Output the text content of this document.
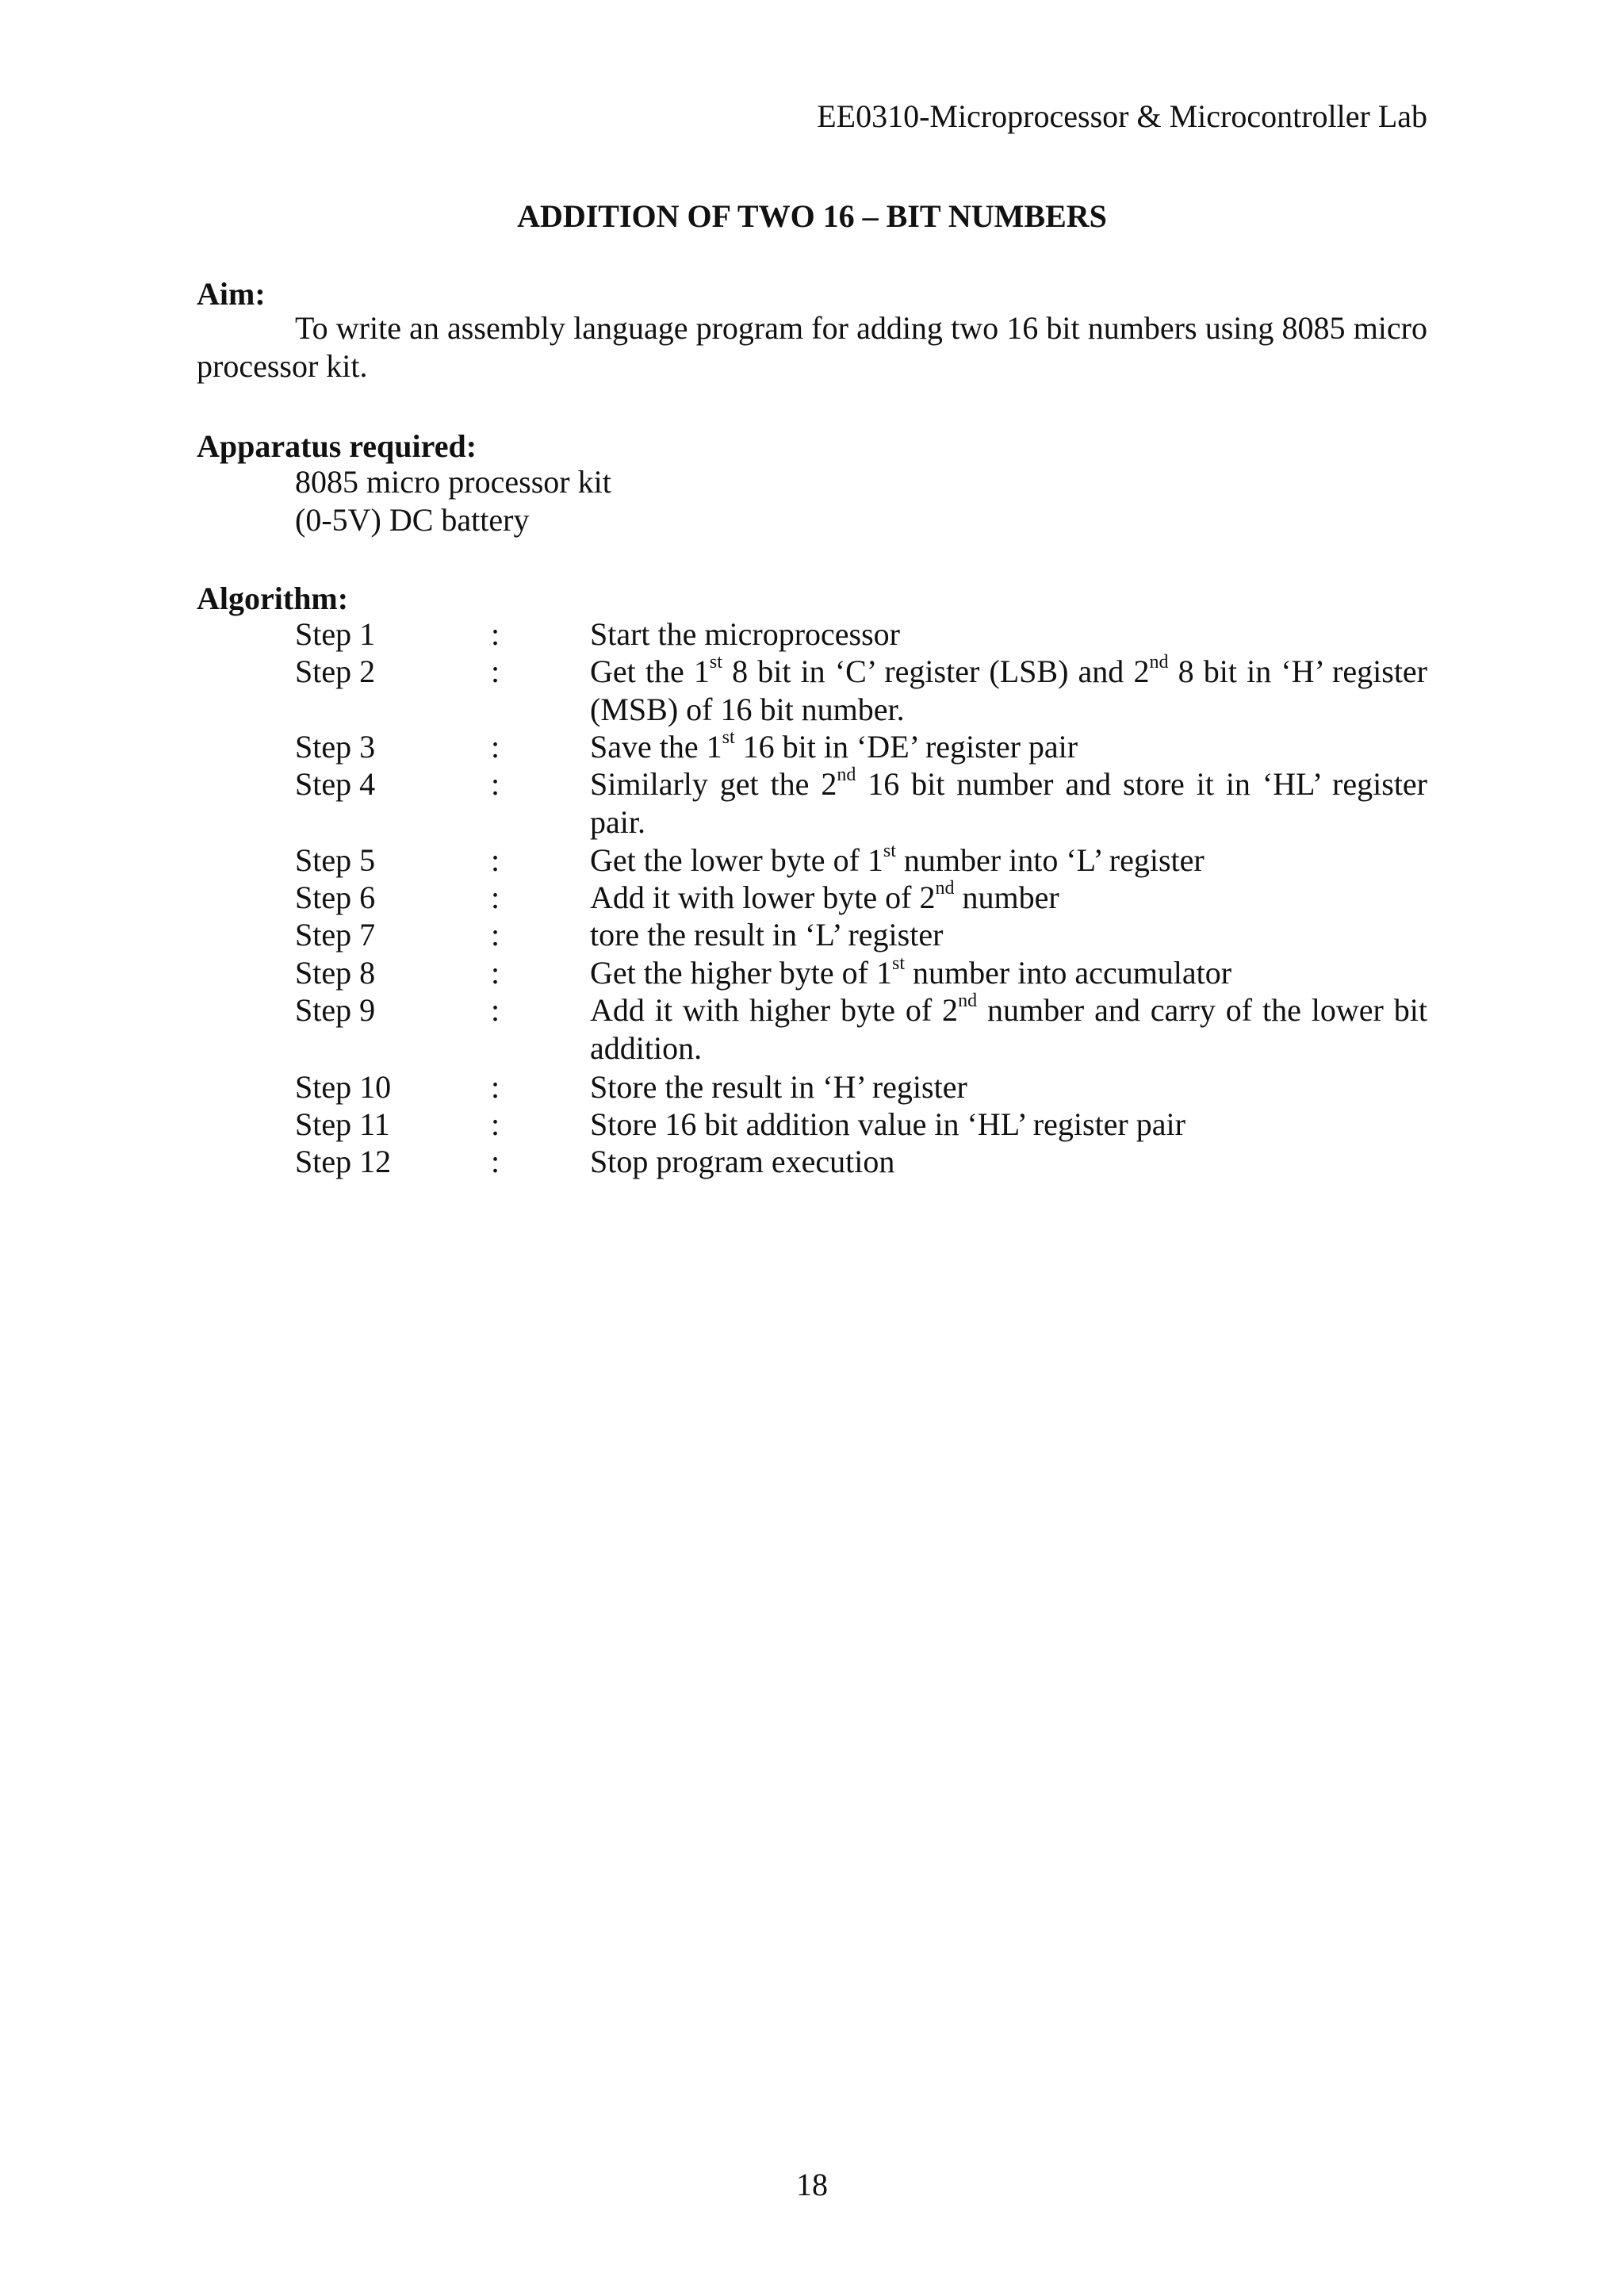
EE0310-Microprocessor & Microcontroller Lab
ADDITION OF TWO 16 – BIT NUMBERS
Aim:
To write an assembly language program for adding two 16 bit numbers using 8085 micro processor kit.
Apparatus required:
8085 micro processor kit
(0-5V) DC battery
Algorithm:
Step 1	:	Start the microprocessor
Step 2	:	Get the 1st 8 bit in ‘C’ register (LSB) and 2nd 8 bit in ‘H’ register (MSB) of 16 bit number.
Step 3	:	Save the 1st 16 bit in ‘DE’ register pair
Step 4	:	Similarly get the 2nd 16 bit number and store it in ‘HL’ register pair.
Step 5	:	Get the lower byte of 1st number into ‘L’ register
Step 6	:	Add it with lower byte of 2nd number
Step 7	:	tore the result in ‘L’ register
Step 8	:	Get the higher byte of 1st number into accumulator
Step 9	:	Add it with higher byte of 2nd number and carry of the lower bit addition.
Step 10	:	Store the result in ‘H’ register
Step 11	:	Store 16 bit addition value in ‘HL’ register pair
Step 12	:	Stop program execution
18
